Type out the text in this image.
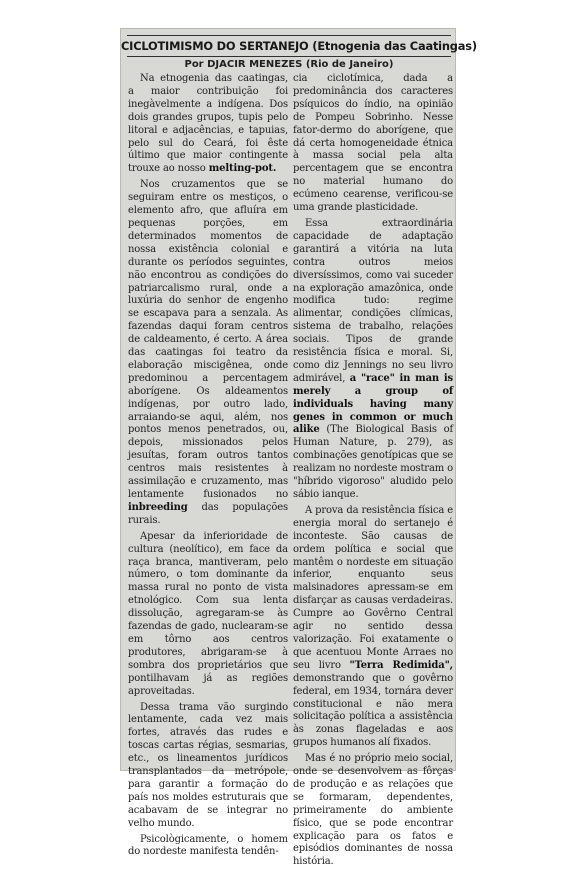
CICLOTIMISMO DO SERTANEJO (Etnogenia das Caatingas)
Por DJACIR MENEZES (Rio de Janeiro)

Na etnogenia das caatingas, a maior contribuição foi inegàvelmente a indígena. Dos dois grandes grupos, tupis pelo litoral e adjacências, e tapuias, pelo sul do Ceará, foi êste último que maior contingente trouxe ao nosso melting-pot.

Nos cruzamentos que se seguiram entre os mestiços, o elemento afro, que afluíra em pequenas porções, em determinados momentos de nossa existência colonial e durante os períodos seguintes, não encontrou as condições do patriarcalismo rural, onde a luxúria do senhor de engenho se escapava para a senzala. As fazendas daqui foram centros de caldeamento, é certo. A área das caatingas foi teatro da elaboração miscigênea, onde predominou a percentagem aborígene. Os aldeamentos indígenas, por outro lado, arraiando-se aqui, além, nos pontos menos penetrados, ou, depois, missionados pelos jesuítas, foram outros tantos centros mais resistentes à assimilação e cruzamento, mas lentamente fusionados no inbreeding das populações rurais.

Apesar da inferioridade de cultura (neolítico), em face da raça branca, mantiveram, pelo número, o tom dominante da massa rural no ponto de vista etnológico. Com sua lenta dissolução, agregaram-se às fazendas de gado, nuclearam-se em tôrno aos centros produtores, abrigaram-se à sombra dos proprietários que pontilhavam já as regiões aproveitadas.

Dessa trama vão surgindo lentamente, cada vez mais fortes, através das rudes e toscas cartas régias, sesmarias, etc., os lineamentos jurídicos transplantados da metrópole, para garantir a formação do país nos moldes estruturais que acabavam de se integrar no velho mundo.

Psicològicamente, o homem do nordeste manifesta tendên-

cia ciclotímica, dada a predominância dos caracteres psíquicos do índio, na opinião de Pompeu Sobrinho. Nesse fator-dermo do aborígene, que dá certa homogeneidade étnica à massa social pela alta percentagem que se encontra no material humano do ecúmeno cearense, verificou-se uma grande plasticidade.

Essa extraordinária capacidade de adaptação garantirá a vitória na luta contra outros meios diversíssimos, como vai suceder na exploração amazônica, onde modifica tudo: regime alimentar, condições clímicas, sistema de trabalho, relações sociais. Tipos de grande resistência física e moral. Si, como diz Jennings no seu livro admirável, a "race" in man is merely a group of individuals having many genes in common or much alike (The Biological Basis of Human Nature, p. 279), as combinações genotípicas que se realizam no nordeste mostram o "híbrido vigoroso" aludido pelo sábio ianque.

A prova da resistência física e energia moral do sertanejo é inconteste. São causas de ordem política e social que mantêm o nordeste em situação inferior, enquanto seus malsinadores apressam-se em disfarçar as causas verdadeiras. Cumpre ao Govêrno Central agir no sentido dessa valorização. Foi exatamente o que acentuou Monte Arraes no seu livro "Terra Redimida", demonstrando que o govêrno federal, em 1934, tornára dever constitucional e não mera solicitação política a assistência às zonas flageladas e aos grupos humanos alí fixados.

Mas é no próprio meio social, onde se desenvolvem as fôrças de produção e as relações que se formaram, dependentes, primeiramente do ambiente físico, que se pode encontrar explicação para os fatos e episódios dominantes de nossa história.
